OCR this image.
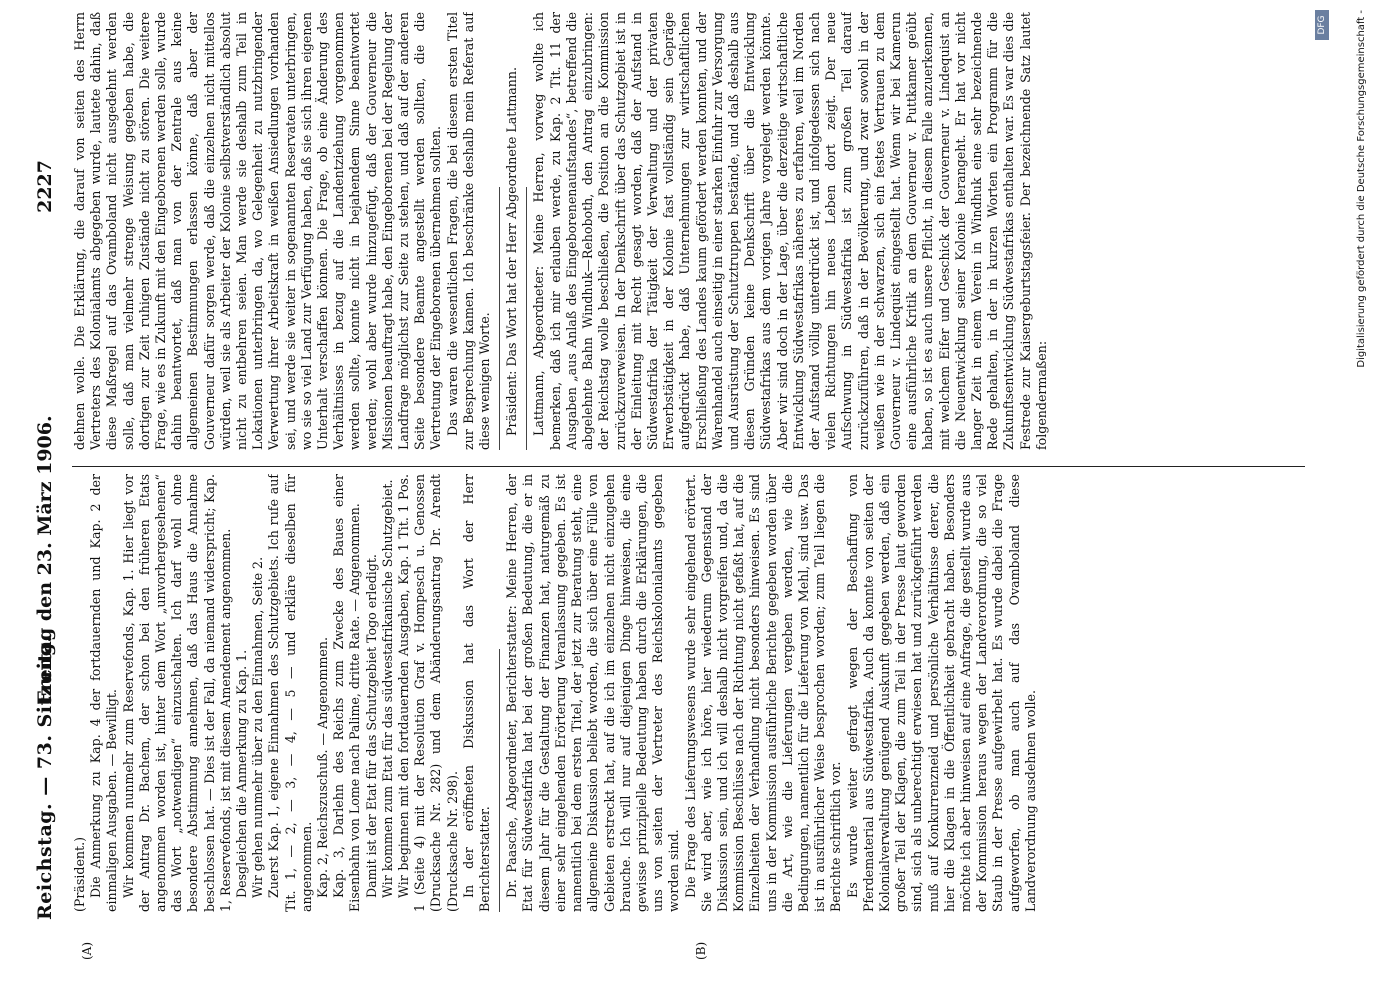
Reichstag. — 73. Sitzung.
Freitag den 23. März 1906.
2227
(A)	(B)

(Präsident.) Die Anmerkung zu Kap. 4 der fortdauernden und Kap. 2 der einmaligen Ausgaben. — Bewilligt. Wir kommen nunmehr zum Reservefonds, Kap. 1. Hier liegt vor der Antrag Dr. Bachem, der schon bei den früheren Etats angenommen worden ist, hinter dem Wort „unvorhergesehenen“ das Wort „notwendigen“ einzuschalten. Ich darf wohl ohne besondere Abstimmung annehmen, daß das Haus die Annahme beschlossen hat. — Dies ist der Fall, da niemand widerspricht; Kap. 1, Reservefonds, ist mit diesem Amendement angenommen. Desgleichen die Anmerkung zu Kap. 1. Wir gehen nunmehr über zu den Einnahmen, Seite 2. Zuerst Kap. 1, eigene Einnahmen des Schutzgebiets. Ich rufe auf Tit. 1, — 2, — 3, — 4, — 5 — und erkläre dieselben für angenommen. Kap. 2, Reichszuschuß. — Angenommen. Kap. 3, Darlehn des Reichs zum Zwecke des Baues einer Eisenbahn von Lome nach Palime, dritte Rate. — Angenommen. Damit ist der Etat für das Schutzgebiet Togo erledigt. Wir kommen zum Etat für das südwestafrikanische Schutzgebiet. Wir beginnen mit den fortdauernden Ausgaben, Kap. 1 Tit. 1 Pos. 1 (Seite 4) mit der Resolution Graf v. Hompesch u. Genossen (Drucksache Nr. 282) und dem Abänderungsantrag Dr. Arendt (Drucksache Nr. 298). In der eröffneten Diskussion hat das Wort der Herr Berichterstatter. Dr. Paasche, Abgeordneter, Berichterstatter: Meine Herren, der Etat für Südwestafrika hat bei der großen Bedeutung, die er in diesem Jahr für die Gestaltung der Finanzen hat, naturgemäß zu einer sehr eingehenden Erörterung Veranlassung gegeben. Es ist namentlich bei dem ersten Titel, der jetzt zur Beratung steht, eine allgemeine Diskussion beliebt worden, die sich über eine Fülle von Gebieten erstreckt hat, auf die ich im einzelnen nicht einzugehen brauche. Ich will nur auf diejenigen Dinge hinweisen, die eine gewisse prinzipielle Bedeutung haben durch die Erklärungen, die uns von seiten der Vertreter des Reichskolonialamts gegeben worden sind. Die Frage des Lieferungswesens wurde sehr eingehend erörtert. Sie wird aber, wie ich höre, hier wiederum Gegenstand der Diskussion sein, und ich will deshalb nicht vorgreifen und, da die Kommission Beschlüsse nach der Richtung nicht gefaßt hat, auf die Einzelheiten der Verhandlung nicht besonders hinweisen. Es sind uns in der Kommission ausführliche Berichte gegeben worden über die Art, wie die Lieferungen vergeben werden, wie die Bedingungen, namentlich für die Lieferung von Mehl, sind usw. Das ist in ausführlicher Weise besprochen worden; zum Teil liegen die Berichte schriftlich vor. Es wurde weiter gefragt wegen der Beschaffung von Pferdematerial aus Südwestafrika. Auch da konnte von seiten der Kolonialverwaltung genügend Auskunft gegeben werden, daß ein großer Teil der Klagen, die zum Teil in der Presse laut geworden sind, sich als unberechtigt erwiesen hat und zurückgeführt werden muß auf Konkurrenzneid und persönliche Verhältnisse derer, die hier die Klagen in die Öffentlichkeit gebracht haben. Besonders möchte ich aber hinweisen auf eine Anfrage, die gestellt wurde aus der Kommission heraus wegen der Landverordnung, die so viel Staub in der Presse aufgewirbelt hat. Es wurde dabei die Frage aufgeworfen, ob man auch auf das Ovamboland diese Landverordnung ausdehnen wolle.

dehnen wolle. Die Erklärung, die darauf von seiten des Herrn Vertreters des Kolonialamts abgegeben wurde, lautete dahin, daß diese Maßregel auf das Ovamboland nicht ausgedehnt werden solle, daß man vielmehr strenge Weisung gegeben habe, die dortigen zur Zeit ruhigen Zustände nicht zu stören. Die weitere Frage, wie es in Zukunft mit den Eingeborenen werden solle, wurde dahin beantwortet, daß man von der Zentrale aus keine allgemeinen Bestimmungen erlassen könne, daß aber der Gouverneur dafür sorgen werde, daß die einzelnen nicht mittellos würden, weil sie als Arbeiter der Kolonie selbstverständlich absolut nicht zu entbehren seien. Man werde sie deshalb zum Teil in Lokationen unterbringen da, wo Gelegenheit zu nutzbringender Verwertung ihrer Arbeitskraft in weißen Ansiedlungen vorhanden sei, und werde sie weiter in sogenannten Reservaten unterbringen, wo sie so viel Land zur Verfügung haben, daß sie sich ihren eigenen Unterhalt verschaffen können. Die Frage, ob eine Änderung des Verhältnisses in bezug auf die Landentziehung vorgenommen werden sollte, konnte nicht in bejahendem Sinne beantwortet werden; wohl aber wurde hinzugefügt, daß der Gouverneur die Missionen beauftragt habe, den Eingeborenen bei der Regelung der Landfrage möglichst zur Seite zu stehen, und daß auf der anderen Seite besondere Beamte angestellt werden sollten, die die Vertretung der Eingeborenen übernehmen sollten. Das waren die wesentlichen Fragen, die bei diesem ersten Titel zur Besprechung kamen. Ich beschränke deshalb mein Referat auf diese wenigen Worte. Präsident: Das Wort hat der Herr Abgeordnete Lattmann. Lattmann, Abgeordneter: Meine Herren, vorweg wollte ich bemerken, daß ich mir erlauben werde, zu Kap. 2 Tit. 11 der Ausgaben „aus Anlaß des Eingeborenenaufstandes“, betreffend die abgelehnte Bahn Windhuk—Rehoboth, den Antrag einzubringen: der Reichstag wolle beschließen, die Position an die Kommission zurückzuverweisen. In der Denkschrift über das Schutzgebiet ist in der Einleitung mit Recht gesagt worden, daß der Aufstand in Südwestafrika der Tätigkeit der Verwaltung und der privaten Erwerbstätigkeit in der Kolonie fast vollständig sein Gepräge aufgedrückt habe, daß Unternehmungen zur wirtschaftlichen Erschließung des Landes kaum gefördert werden konnten, und der Warenhandel auch einseitig in einer starken Einfuhr zur Versorgung und Ausrüstung der Schutztruppen bestände, und daß deshalb aus diesen Gründen keine Denkschrift über die Entwicklung Südwestafrikas aus dem vorigen Jahre vorgelegt werden könnte. Aber wir sind doch in der Lage, über die derzeitige wirtschaftliche Entwicklung Südwestafrikas näheres zu erfahren, weil im Norden der Aufstand völlig unterdrückt ist, und infolgedessen sich nach vielen Richtungen hin neues Leben dort zeigt. Der neue Aufschwung in Südwestafrika ist zum großen Teil darauf zurückzuführen, daß in der Bevölkerung, und zwar sowohl in der weißen wie in der schwarzen, sich ein festes Vertrauen zu dem Gouverneur v. Lindequist eingestellt hat. Wenn wir bei Kamerun eine ausführliche Kritik an dem Gouverneur v. Puttkamer geübt haben, so ist es auch unsere Pflicht, in diesem Falle anzuerkennen, mit welchem Eifer und Geschick der Gouverneur v. Lindequist an die Neuentwicklung seiner Kolonie herangeht. Er hat vor nicht langer Zeit in einem Verein in Windhuk eine sehr bezeichnende Rede gehalten, in der in kurzen Worten ein Programm für die Zukunftsentwicklung Südwestafrikas enthalten war. Es war dies die Festrede zur Kaisergeburtstagsfeier. Der bezeichnende Satz lautet folgendermaßen:

DFG	Digitalisierung gefördert durch die Deutsche Forschungsgemeinschaft -
